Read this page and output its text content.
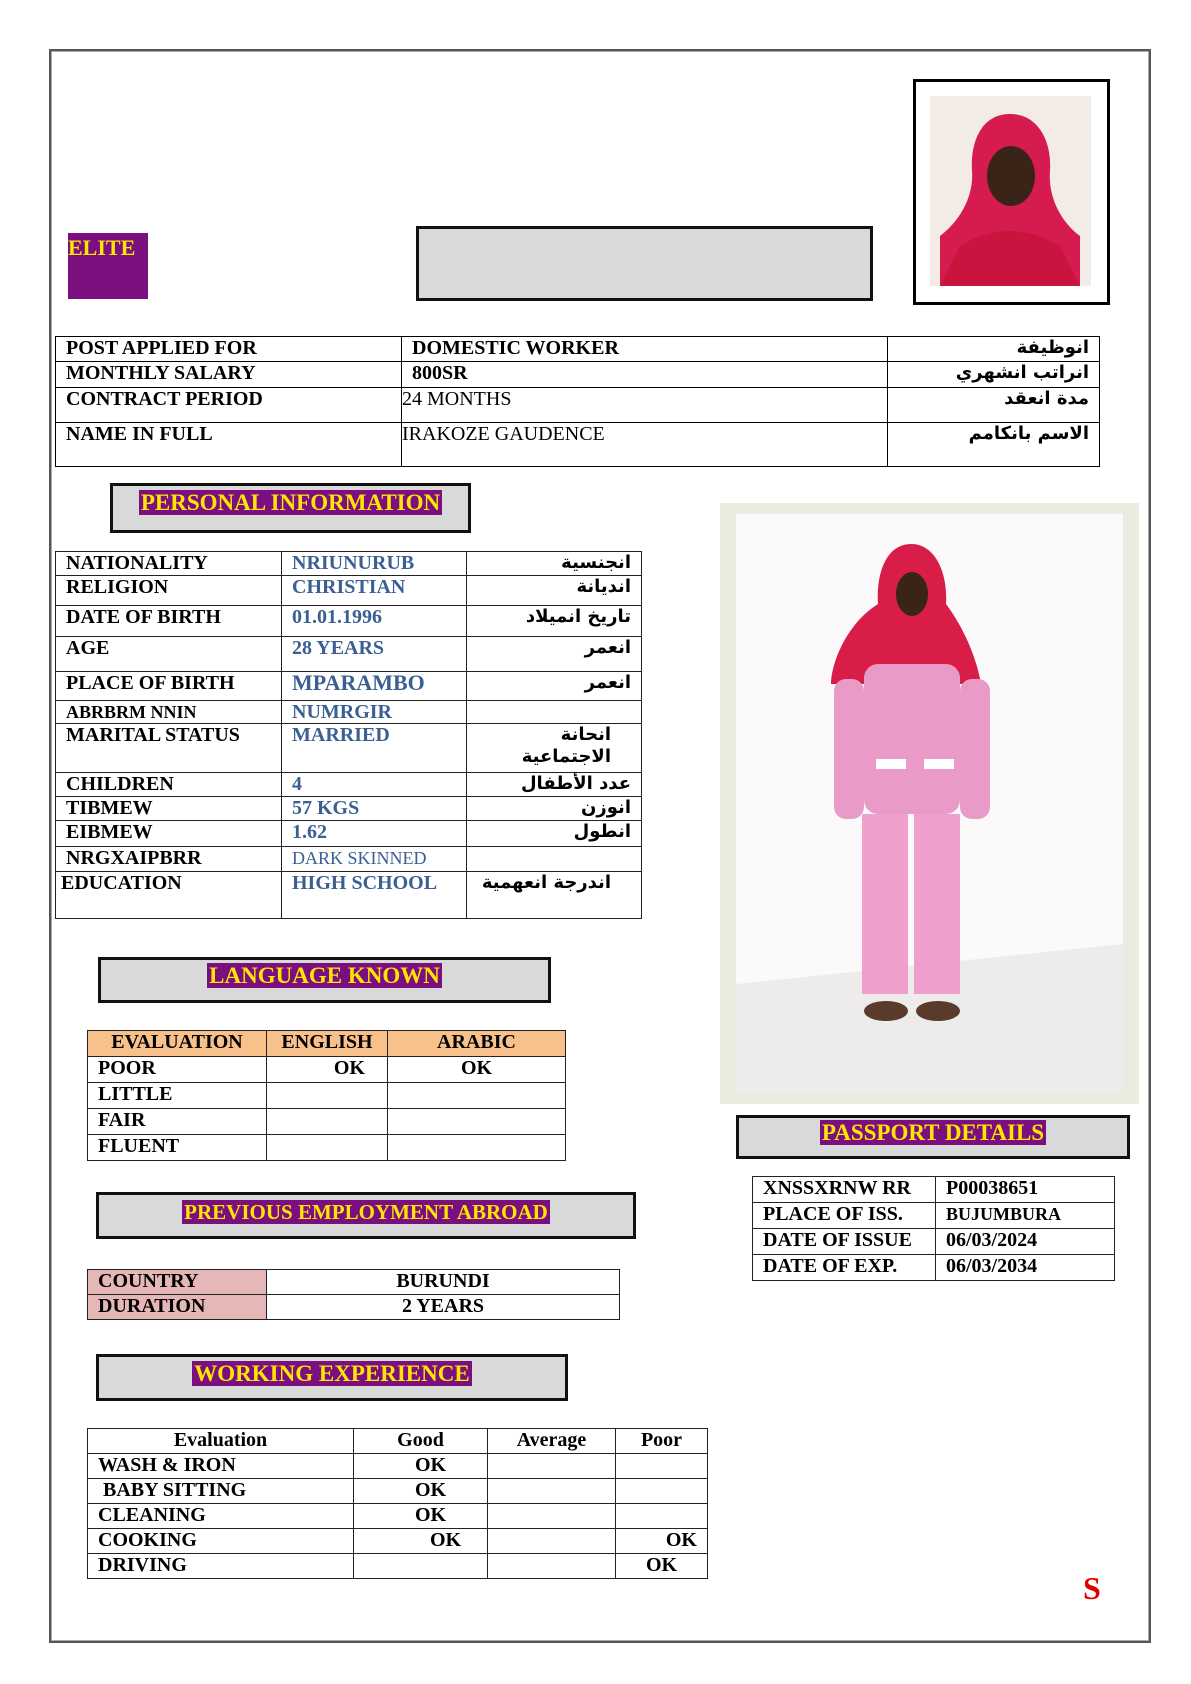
ELITE
POST APPLIED FOR	DOMESTIC WORKER	انوظيفة
MONTHLY SALARY	800SR	انراتب انشهري
CONTRACT PERIOD	24 MONTHS	مدة انعقد
NAME IN FULL	IRAKOZE GAUDENCE	الاسم بانكامم
PERSONAL INFORMATION
NATIONALITY	NRIUNURUB	انجنسية
RELIGION	CHRISTIAN	انديانة
DATE OF BIRTH	01.01.1996	تاريخ انميلاد
AGE	28 YEARS	انعمر
PLACE OF BIRTH	MPARAMBO	انعمر
ABRBRM NNIN	NUMRGIR	
MARITAL STATUS	MARRIED	انحانة الاجتماعية
CHILDREN	4	عدد الأطفال
TIBMEW	57 KGS	انوزن
EIBMEW	1.62	انطول
NRGXAIPBRR	DARK SKINNED	
EDUCATION	HIGH SCHOOL	اندرجة انعهمية
LANGUAGE KNOWN
EVALUATION	ENGLISH	ARABIC
POOR	OK	OK
LITTLE		
FAIR		
FLUENT		
PREVIOUS EMPLOYMENT ABROAD
COUNTRY	BURUNDI
DURATION	2 YEARS
WORKING EXPERIENCE
Evaluation	Good	Average	Poor
WASH & IRON	OK		
BABY SITTING	OK		
CLEANING	OK		
COOKING	OK		OK
DRIVING			OK
PASSPORT DETAILS
XNSSXRNW RR	P00038651
PLACE OF ISS.	BUJUMBURA
DATE OF ISSUE	06/03/2024
DATE OF EXP.	06/03/2034
S
